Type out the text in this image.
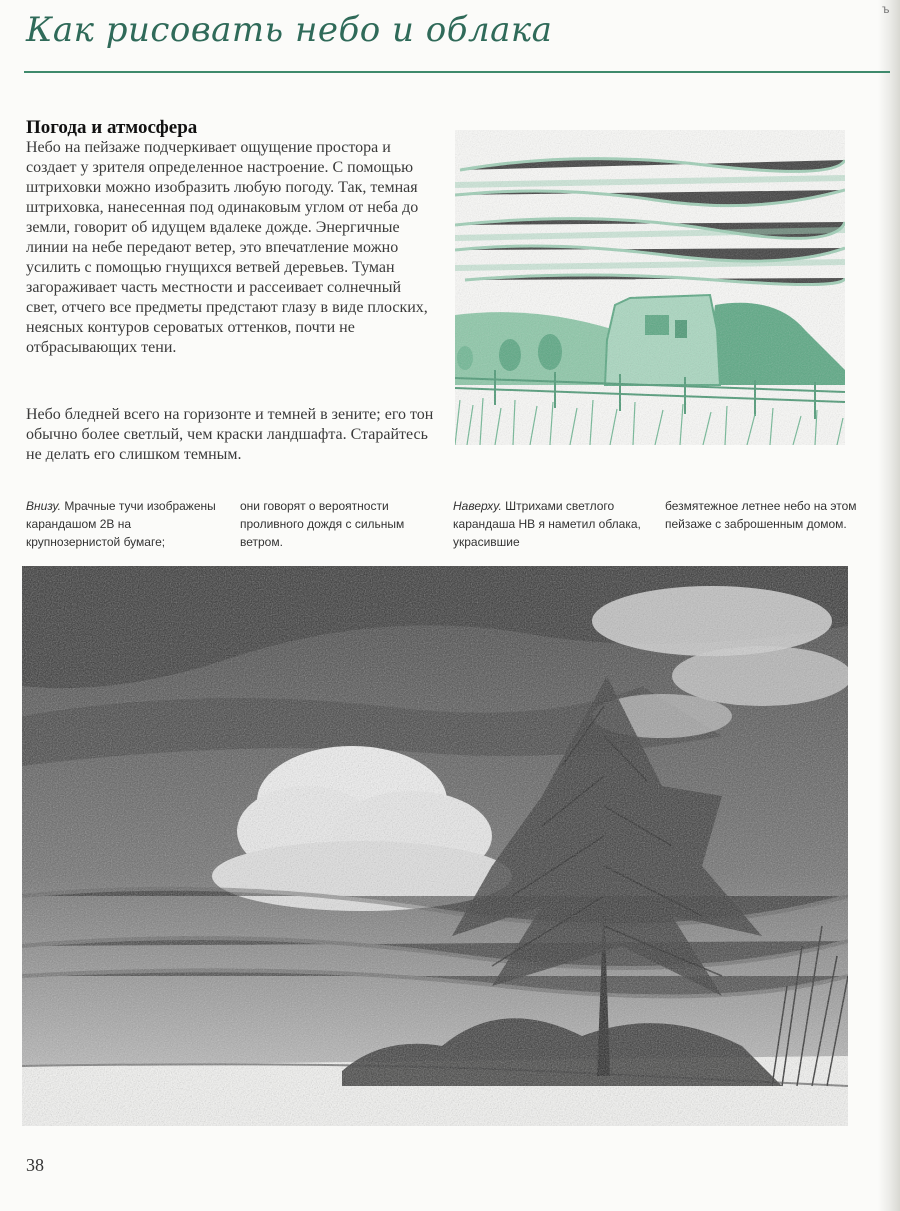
ъ
Как рисовать небо и облака
Погода и атмосфера
Небо на пейзаже подчеркивает ощущение простора и создает у зрителя определенное настроение. С помощью штриховки можно изобразить любую погоду. Так, темная штриховка, нанесенная под одинаковым углом от неба до земли, говорит об идущем вдалеке дожде. Энергичные линии на небе передают ветер, это впечатление можно усилить с помощью гнущихся ветвей деревьев. Туман загораживает часть местности и рассеивает солнечный свет, отчего все предметы предстают глазу в виде плоских, неясных контуров сероватых оттенков, почти не отбрасывающих тени.
Небо бледней всего на горизонте и темней в зените; его тон обычно более светлый, чем краски ландшафта. Старайтесь не делать его слишком темным.
Внизу. Мрачные тучи изображены карандашом 2B на крупнозернистой бумаге;
они говорят о вероятности проливного дождя с сильным ветром.
Наверху. Штрихами светлого карандаша HB я наметил облака, украсившие
безмятежное летнее небо на этом пейзаже с заброшенным домом.
38
